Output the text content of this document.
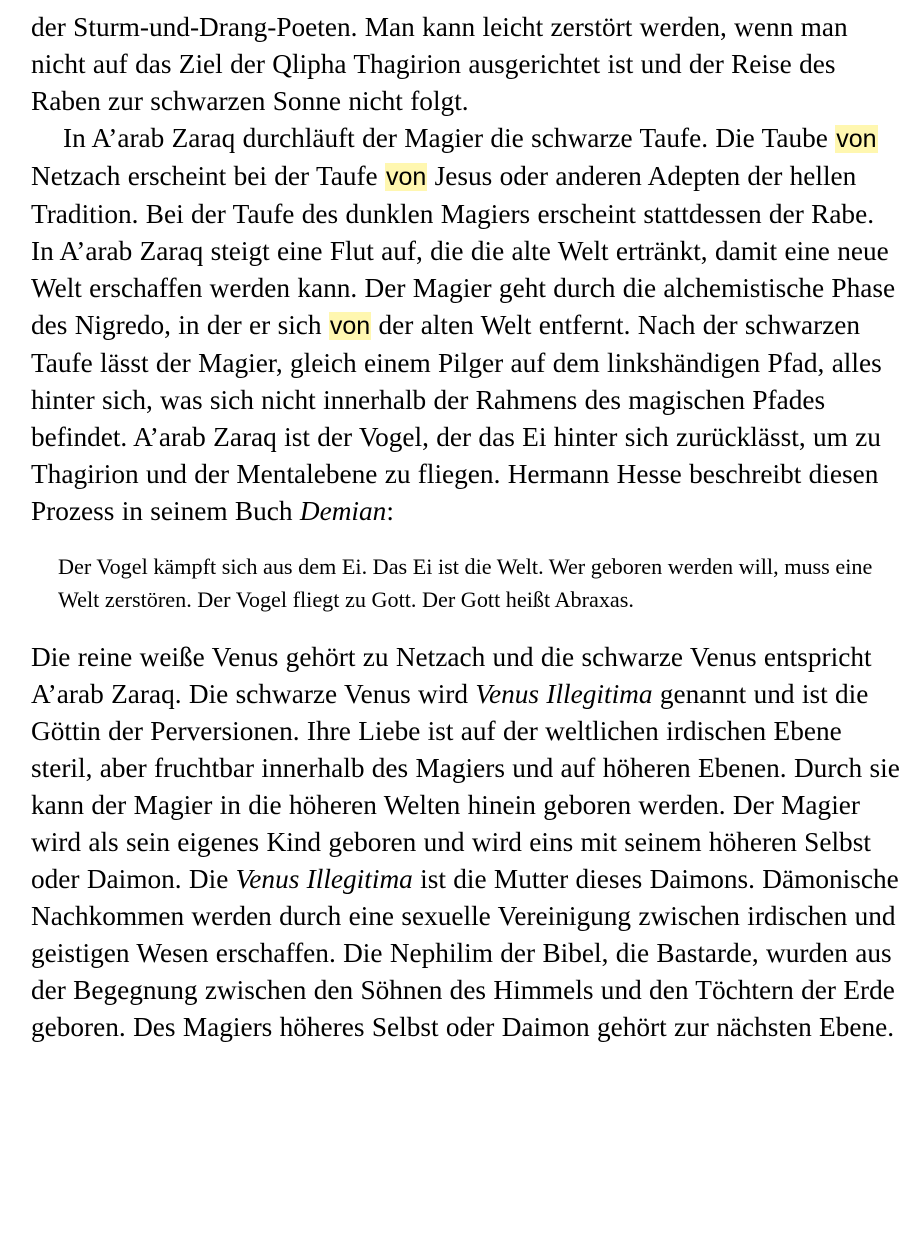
der Sturm-und-Drang-Poeten. Man kann leicht zerstört werden, wenn man nicht auf das Ziel der Qlipha Thagirion ausgerichtet ist und der Reise des Raben zur schwarzen Sonne nicht folgt.

In A’arab Zaraq durchläuft der Magier die schwarze Taufe. Die Taube von Netzach erscheint bei der Taufe von Jesus oder anderen Adepten der hellen Tradition. Bei der Taufe des dunklen Magiers erscheint stattdessen der Rabe. In A’arab Zaraq steigt eine Flut auf, die die alte Welt ertränkt, damit eine neue Welt erschaffen werden kann. Der Magier geht durch die alchemistische Phase des Nigredo, in der er sich von der alten Welt entfernt. Nach der schwarzen Taufe lässt der Magier, gleich einem Pilger auf dem linkshändigen Pfad, alles hinter sich, was sich nicht innerhalb der Rahmens des magischen Pfades befindet. A’arab Zaraq ist der Vogel, der das Ei hinter sich zurücklässt, um zu Thagirion und der Mentalebene zu fliegen. Hermann Hesse beschreibt diesen Prozess in seinem Buch Demian:

Der Vogel kämpft sich aus dem Ei. Das Ei ist die Welt. Wer geboren werden will, muss eine Welt zerstören. Der Vogel fliegt zu Gott. Der Gott heißt Abraxas.

Die reine weiße Venus gehört zu Netzach und die schwarze Venus entspricht A’arab Zaraq. Die schwarze Venus wird Venus Illegitima genannt und ist die Göttin der Perversionen. Ihre Liebe ist auf der weltlichen irdischen Ebene steril, aber fruchtbar innerhalb des Magiers und auf höheren Ebenen. Durch sie kann der Magier in die höheren Welten hinein geboren werden. Der Magier wird als sein eigenes Kind geboren und wird eins mit seinem höheren Selbst oder Daimon. Die Venus Illegitima ist die Mutter dieses Daimons. Dämonische Nachkommen werden durch eine sexuelle Vereinigung zwischen irdischen und geistigen Wesen erschaffen. Die Nephilim der Bibel, die Bastarde, wurden aus der Begegnung zwischen den Söhnen des Himmels und den Töchtern der Erde geboren. Des Magiers höheres Selbst oder Daimon gehört zur nächsten Ebene.
